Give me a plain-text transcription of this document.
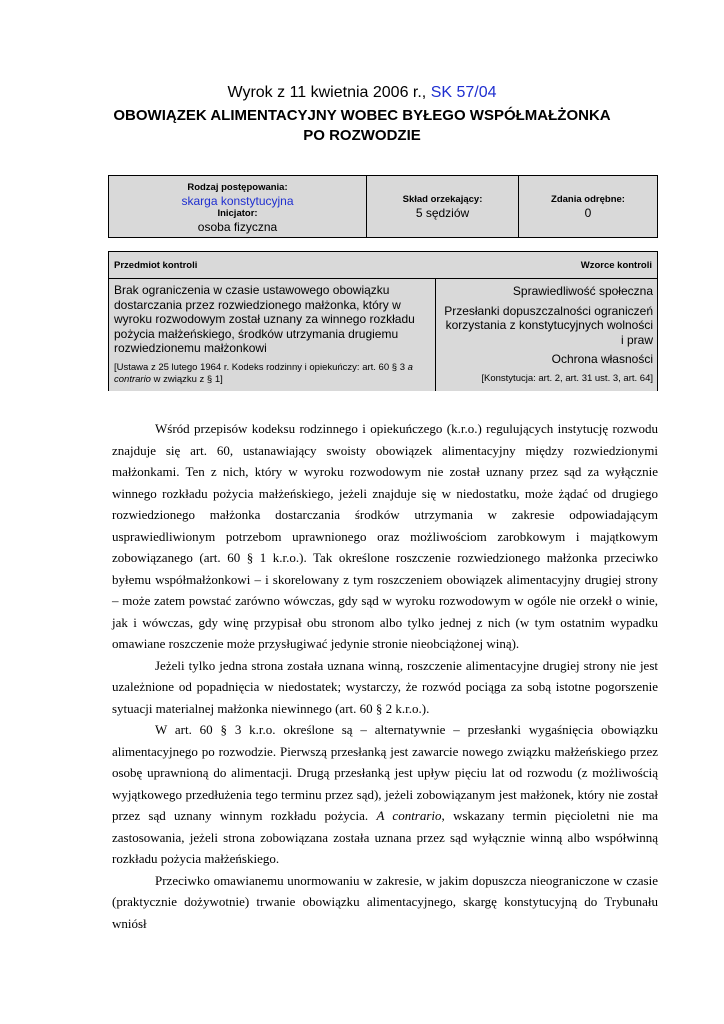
Wyrok z 11 kwietnia 2006 r., SK 57/04
OBOWIĄZEK ALIMENTACYJNY WOBEC BYŁEGO WSPÓŁMAŁŻONKA
PO ROZWODZIE
Rodzaj postępowania:
skarga konstytucyjna
Inicjator:
osoba fizyczna
Skład orzekający:
5 sędziów
Zdania odrębne:
0
Przedmiot kontroli	Wzorce kontroli
Brak ograniczenia w czasie ustawowego obowiązku dostarczania przez rozwiedzionego małżonka, który w wyroku rozwodowym został uznany za winnego rozkładu pożycia małżeńskiego, środków utrzymania drugiemu rozwiedzionemu małżonkowi
[Ustawa z 25 lutego 1964 r. Kodeks rodzinny i opiekuńczy: art. 60 § 3 a contrario w związku z § 1]
Sprawiedliwość społeczna
Przesłanki dopuszczalności ograniczeń korzystania z konstytucyjnych wolności i praw
Ochrona własności
[Konstytucja: art. 2, art. 31 ust. 3, art. 64]

Wśród przepisów kodeksu rodzinnego i opiekuńczego (k.r.o.) regulujących instytucję rozwodu znajduje się art. 60, ustanawiający swoisty obowiązek alimentacyjny między rozwiedzionymi małżonkami. Ten z nich, który w wyroku rozwodowym nie został uznany przez sąd za wyłącznie winnego rozkładu pożycia małżeńskiego, jeżeli znajduje się w niedostatku, może żądać od drugiego rozwiedzionego małżonka dostarczania środków utrzymania w zakresie odpowiadającym usprawiedliwionym potrzebom uprawnionego oraz możliwościom zarobkowym i majątkowym zobowiązanego (art. 60 § 1 k.r.o.). Tak określone roszczenie rozwiedzionego małżonka przeciwko byłemu współmałżonkowi – i skorelowany z tym roszczeniem obowiązek alimentacyjny drugiej strony – może zatem powstać zarówno wówczas, gdy sąd w wyroku rozwodowym w ogóle nie orzekł o winie, jak i wówczas, gdy winę przypisał obu stronom albo tylko jednej z nich (w tym ostatnim wypadku omawiane roszczenie może przysługiwać jedynie stronie nieobciążonej winą).

Jeżeli tylko jedna strona została uznana winną, roszczenie alimentacyjne drugiej strony nie jest uzależnione od popadnięcia w niedostatek; wystarczy, że rozwód pociąga za sobą istotne pogorszenie sytuacji materialnej małżonka niewinnego (art. 60 § 2 k.r.o.).

W art. 60 § 3 k.r.o. określone są – alternatywnie – przesłanki wygaśnięcia obowiązku alimentacyjnego po rozwodzie. Pierwszą przesłanką jest zawarcie nowego związku małżeńskiego przez osobę uprawnioną do alimentacji. Drugą przesłanką jest upływ pięciu lat od rozwodu (z możliwością wyjątkowego przedłużenia tego terminu przez sąd), jeżeli zobowiązanym jest małżonek, który nie został przez sąd uznany winnym rozkładu pożycia. A contrario, wskazany termin pięcioletni nie ma zastosowania, jeżeli strona zobowiązana została uznana przez sąd wyłącznie winną albo współwinną rozkładu pożycia małżeńskiego.

Przeciwko omawianemu unormowaniu w zakresie, w jakim dopuszcza nieograniczone w czasie (praktycznie dożywotnie) trwanie obowiązku alimentacyjnego, skargę konstytucyjną do Trybunału wniósł
